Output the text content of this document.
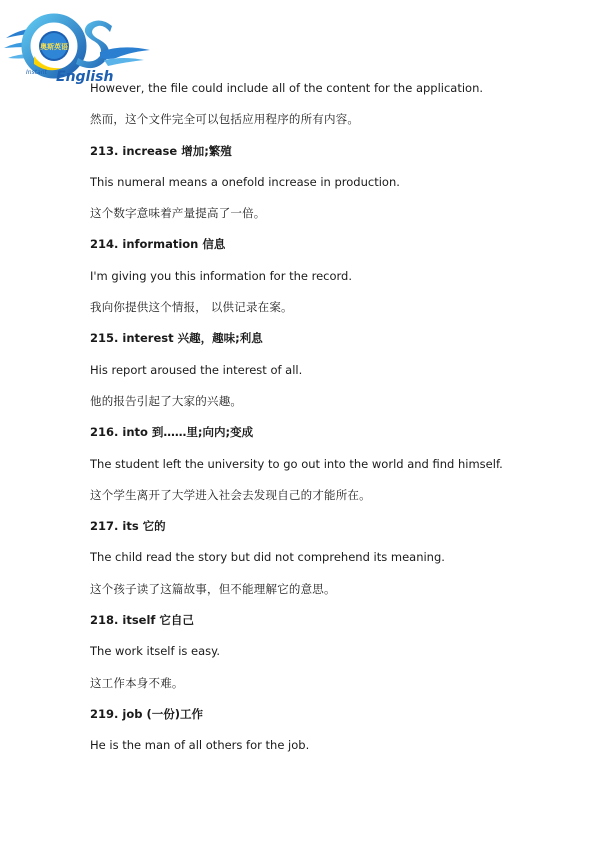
奥斯英语
Instant English
However, the file could include all of the content for the application.
然而，这个文件完全可以包括应用程序的所有内容。
213. increase 增加;繁殖
This numeral means a onefold increase in production.
这个数字意味着产量提高了一倍。
214. information 信息
I'm giving you this information for the record.
我向你提供这个情报， 以供记录在案。
215. interest 兴趣，趣味;利息
His report aroused the interest of all.
他的报告引起了大家的兴趣。
216. into 到……里;向内;变成
The student left the university to go out into the world and find himself.
这个学生离开了大学进入社会去发现自己的才能所在。
217. its 它的
The child read the story but did not comprehend its meaning.
这个孩子读了这篇故事，但不能理解它的意思。
218. itself 它自己
The work itself is easy.
这工作本身不难。
219. job (一份)工作
He is the man of all others for the job.
